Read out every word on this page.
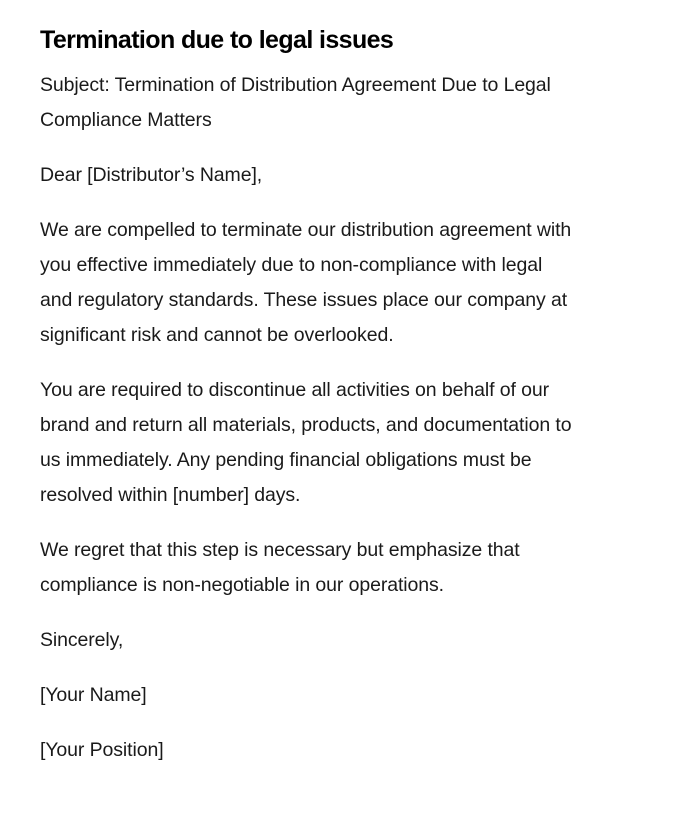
Termination due to legal issues

Subject: Termination of Distribution Agreement Due to Legal
Compliance Matters

Dear [Distributor’s Name],

We are compelled to terminate our distribution agreement with
you effective immediately due to non-compliance with legal
and regulatory standards. These issues place our company at
significant risk and cannot be overlooked.

You are required to discontinue all activities on behalf of our
brand and return all materials, products, and documentation to
us immediately. Any pending financial obligations must be
resolved within [number] days.

We regret that this step is necessary but emphasize that
compliance is non-negotiable in our operations.

Sincerely,

[Your Name]

[Your Position]
